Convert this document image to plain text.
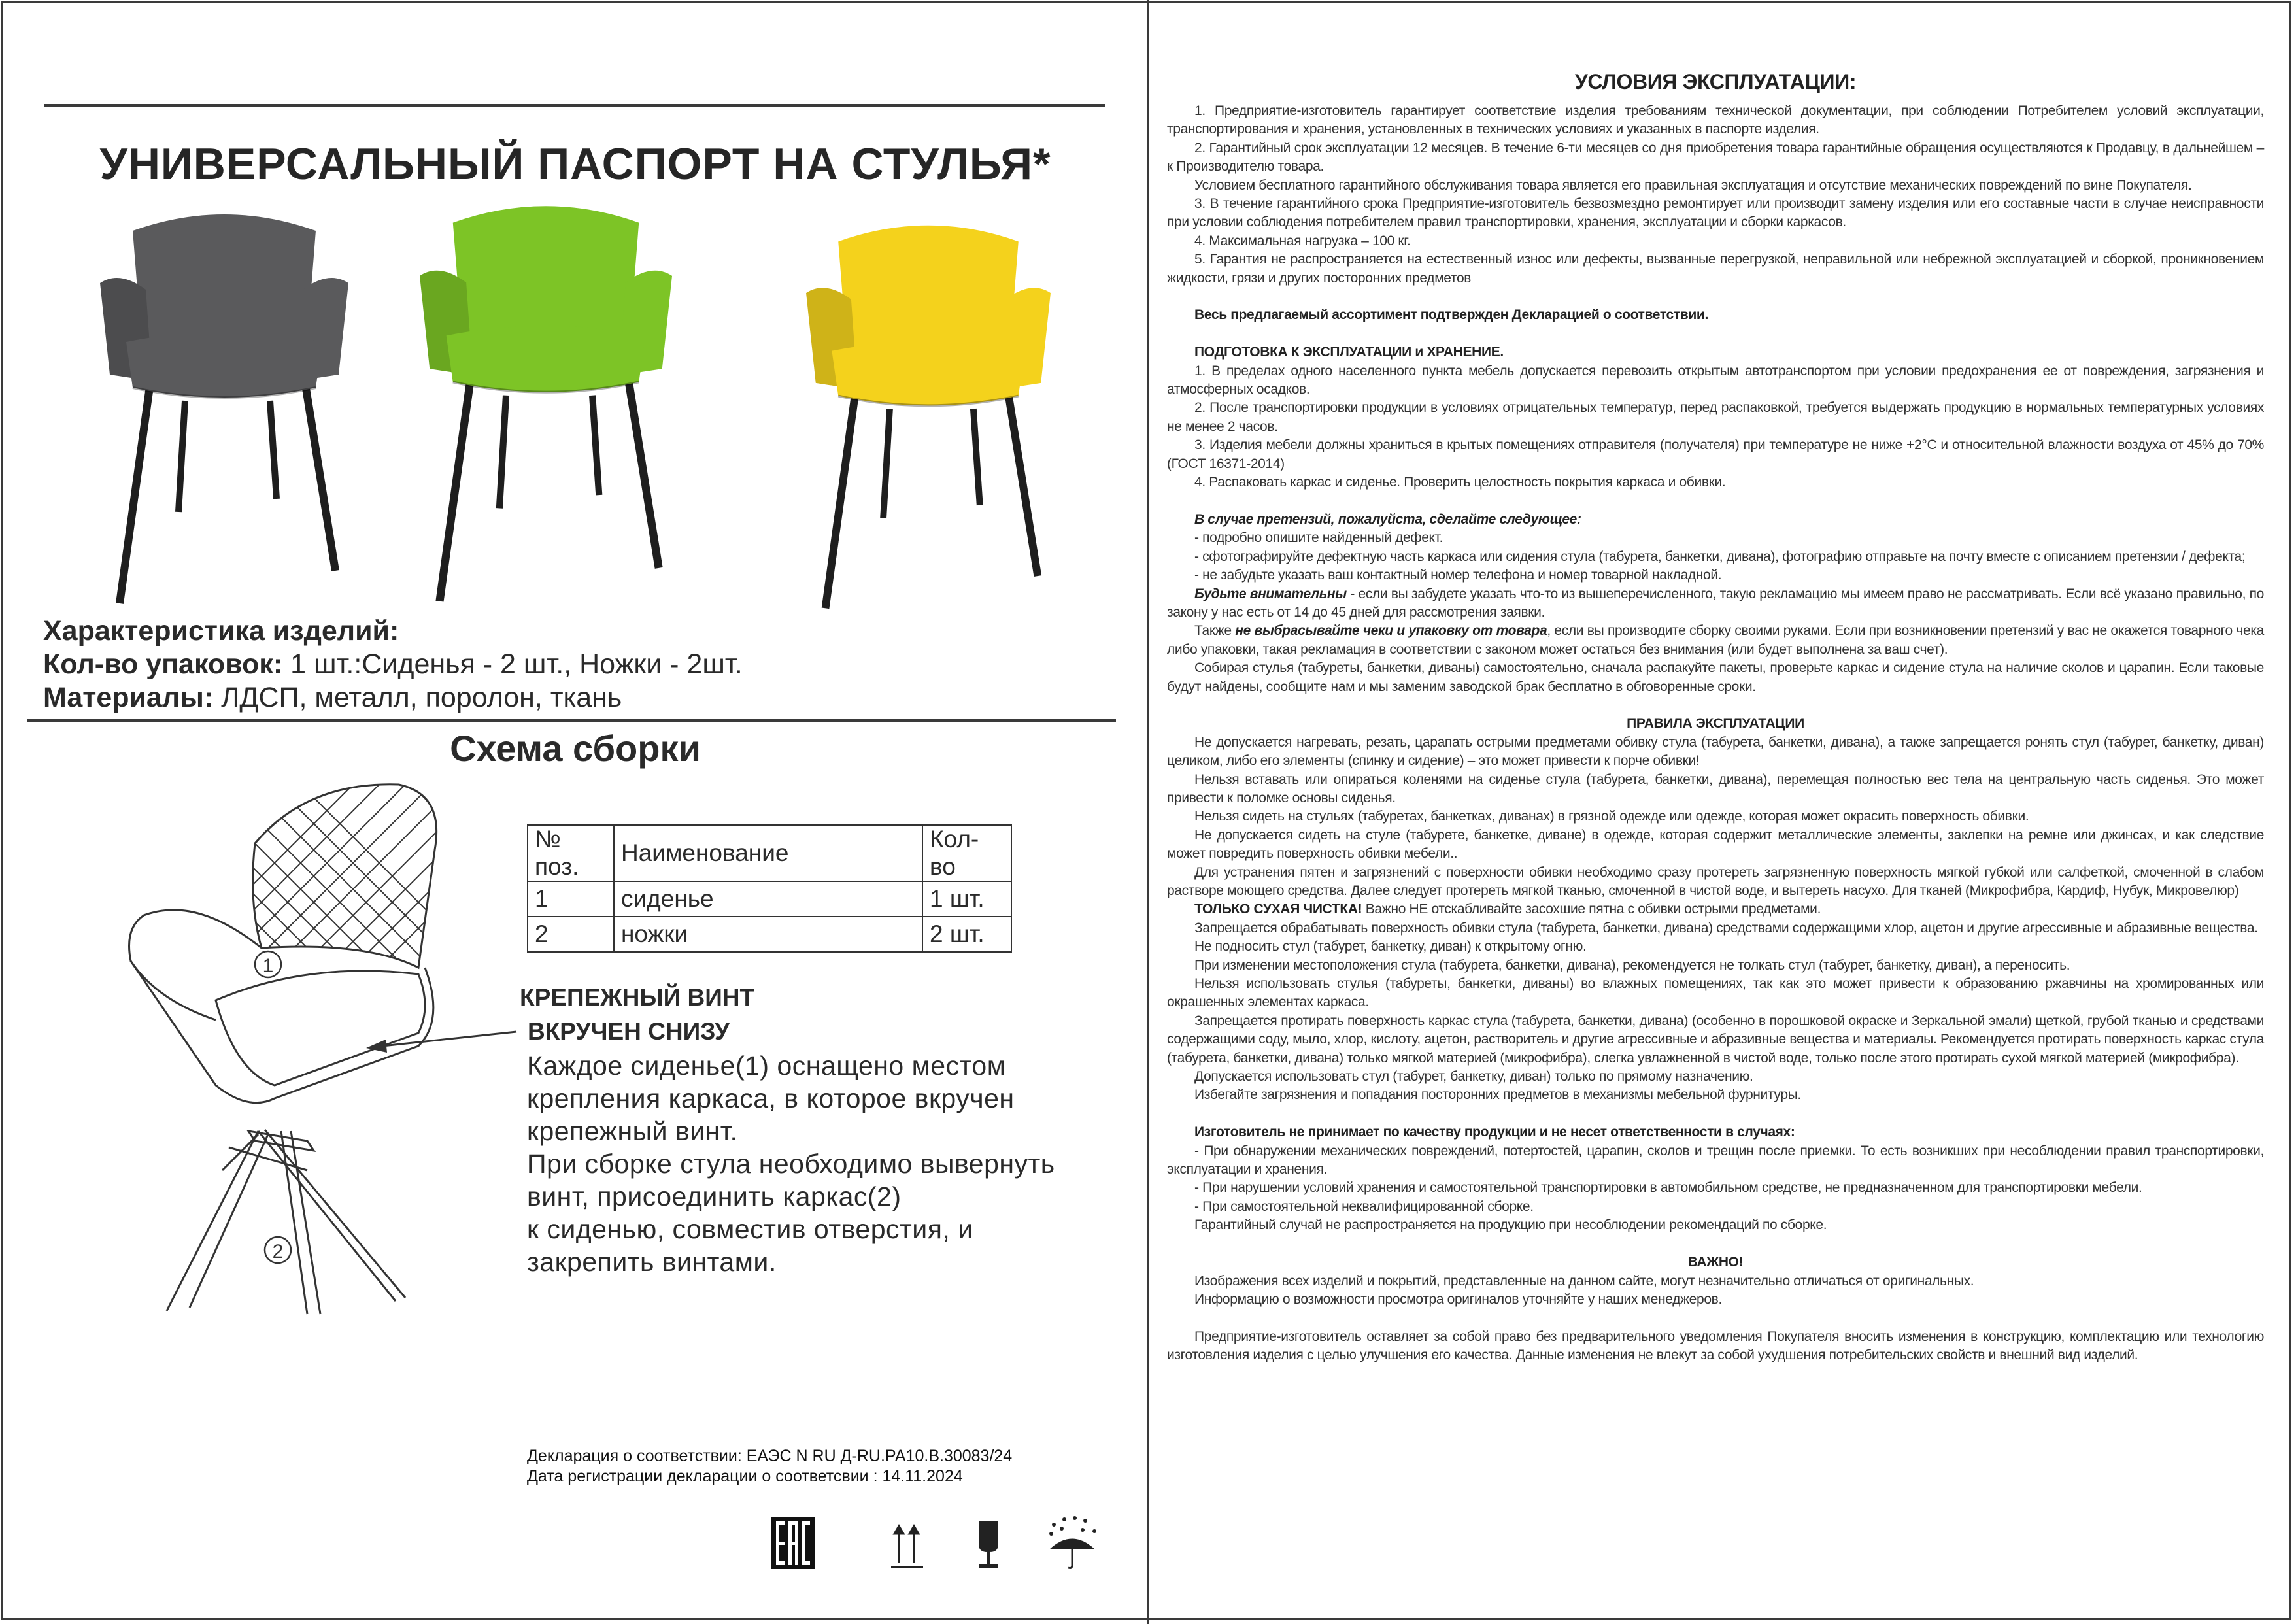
УНИВЕРСАЛЬНЫЙ ПАСПОРТ НА СТУЛЬЯ*
Характеристика изделий:
Кол-во упаковок: 1 шт.:Сиденья - 2 шт., Ножки - 2шт.
Материалы: ЛДСП, металл, поролон, ткань
Схема сборки
1
2
№ поз.	Наименование	Кол-во
1	сиденье	1 шт.
2	ножки	2 шт.
КРЕПЕЖНЫЙ ВИНТ
ВКРУЧЕН СНИЗУ
Каждое сиденье(1) оснащено местом
крепления каркаса, в которое вкручен
крепежный винт.
При сборке стула необходимо вывернуть
винт, присоединить каркас(2)
к сиденью, совместив отверстия, и
закрепить винтами.
Декларация о соответствии: ЕАЭС N RU Д-RU.РА10.В.30083/24
Дата регистрации декларации о соответсвии : 14.11.2024
УСЛОВИЯ ЭКСПЛУАТАЦИИ:

1. Предприятие-изготовитель гарантирует соответствие изделия требованиям технической документации, при соблюдении Потребителем условий эксплуатации, транспортирования и хранения, установленных в технических условиях и указанных в паспорте изделия.

2. Гарантийный срок эксплуатации 12 месяцев. В течение 6-ти месяцев со дня приобретения товара гарантийные обращения осуществляются к Продавцу, в дальнейшем – к Производителю товара.

Условием бесплатного гарантийного обслуживания товара является его правильная эксплуатация и отсутствие механических повреждений по вине Покупателя.

3. В течение гарантийного срока Предприятие-изготовитель безвозмездно ремонтирует или производит замену изделия или его составные части в случае неисправности при условии соблюдения потребителем правил транспортировки, хранения, эксплуатации и сборки каркасов.

4. Максимальная нагрузка – 100 кг.

5. Гарантия не распространяется на естественный износ или дефекты, вызванные перегрузкой, неправильной или небрежной эксплуатацией и сборкой, проникновением жидкости, грязи и других посторонних предметов

Весь предлагаемый ассортимент подтвержден Декларацией о соответствии.

ПОДГОТОВКА К ЭКСПЛУАТАЦИИ и ХРАНЕНИЕ.

1. В пределах одного населенного пункта мебель допускается перевозить открытым автотранспортом при условии предохранения ее от повреждения, загрязнения и атмосферных осадков.

2. После транспортировки продукции в условиях отрицательных температур, перед распаковкой, требуется выдержать продукцию в нормальных температурных условиях не менее 2 часов.

3. Изделия мебели должны храниться в крытых помещениях отправителя (получателя) при температуре не ниже +2°С и относительной влажности воздуха от 45% до 70% (ГОСТ 16371-2014)

4. Распаковать каркас и сиденье. Проверить целостность покрытия каркаса и обивки.

В случае претензий, пожалуйста, сделайте следующее:

- подробно опишите найденный дефект.

- сфотографируйте дефектную часть каркаса или сидения стула (табурета, банкетки, дивана), фотографию отправьте на почту вместе с описанием претензии / дефекта;

- не забудьте указать ваш контактный номер телефона и номер товарной накладной.

Будьте внимательны - если вы забудете указать что-то из вышеперечисленного, такую рекламацию мы имеем право не рассматривать. Если всё указано правильно, по закону у нас есть от 14 до 45 дней для рассмотрения заявки.

Также не выбрасывайте чеки и упаковку от товара, если вы производите сборку своими руками. Если при возникновении претензий у вас не окажется товарного чека либо упаковки, такая рекламация в соответствии с законом может остаться без внимания (или будет выполнена за ваш счет).

Собирая стулья (табуреты, банкетки, диваны) самостоятельно, сначала распакуйте пакеты, проверьте каркас и сидение стула на наличие сколов и царапин. Если таковые будут найдены, сообщите нам и мы заменим заводской брак бесплатно в обговоренные сроки.

ПРАВИЛА ЭКСПЛУАТАЦИИ

Не допускается нагревать, резать, царапать острыми предметами обивку стула (табурета, банкетки, дивана), а также запрещается ронять стул (табурет, банкетку, диван) целиком, либо его элементы (спинку и сидение) – это может привести к порче обивки!

Нельзя вставать или опираться коленями на сиденье стула (табурета, банкетки, дивана), перемещая полностью вес тела на центральную часть сиденья. Это может привести к поломке основы сиденья.

Нельзя сидеть на стульях (табуретах, банкетках, диванах) в грязной одежде или одежде, которая может окрасить поверхность обивки.

Не допускается сидеть на стуле (табурете, банкетке, диване) в одежде, которая содержит металлические элементы, заклепки на ремне или джинсах, и как следствие может повредить поверхность обивки мебели..

Для устранения пятен и загрязнений с поверхности обивки необходимо сразу протереть загрязненную поверхность мягкой губкой или салфеткой, смоченной в слабом растворе моющего средства. Далее следует протереть мягкой тканью, смоченной в чистой воде, и вытереть насухо. Для тканей (Микрофибра, Кардиф, Нубук, Микровелюр)

ТОЛЬКО СУХАЯ ЧИСТКА! Важно НЕ отскабливайте засохшие пятна с обивки острыми предметами.

Запрещается обрабатывать поверхность обивки стула (табурета, банкетки, дивана) средствами содержащими хлор, ацетон и другие агрессивные и абразивные вещества.

Не подносить стул (табурет, банкетку, диван) к открытому огню.

При изменении местоположения стула (табурета, банкетки, дивана), рекомендуется не толкать стул (табурет, банкетку, диван), а переносить.

Нельзя использовать стулья (табуреты, банкетки, диваны) во влажных помещениях, так как это может привести к образованию ржавчины на хромированных или окрашенных элементах каркаса.

Запрещается протирать поверхность каркас стула (табурета, банкетки, дивана) (особенно в порошковой окраске и Зеркальной эмали) щеткой, грубой тканью и средствами содержащими соду, мыло, хлор, кислоту, ацетон, растворитель и другие агрессивные и абразивные вещества и материалы. Рекомендуется протирать поверхность каркас стула (табурета, банкетки, дивана) только мягкой материей (микрофибра), слегка увлажненной в чистой воде, только после этого протирать сухой мягкой материей (микрофибра).

Допускается использовать стул (табурет, банкетку, диван) только по прямому назначению.

Избегайте загрязнения и попадания посторонних предметов в механизмы мебельной фурнитуры.

Изготовитель не принимает по качеству продукции и не несет ответственности в случаях:

- При обнаружении механических повреждений, потертостей, царапин, сколов и трещин после приемки. То есть возникших при несоблюдении правил транспортировки, эксплуатации и хранения.

- При нарушении условий хранения и самостоятельной транспортировки в автомобильном средстве, не предназначенном для транспортировки мебели.

- При самостоятельной неквалифицированной сборке.

Гарантийный случай не распространяется на продукцию при несоблюдении рекомендаций по сборке.

ВАЖНО!

Изображения всех изделий и покрытий, представленные на данном сайте, могут незначительно отличаться от оригинальных.

Информацию о возможности просмотра оригиналов уточняйте у наших менеджеров.

Предприятие-изготовитель оставляет за собой право без предварительного уведомления Покупателя вносить изменения в конструкцию, комплектацию или технологию изготовления изделия с целью улучшения его качества. Данные изменения не влекут за собой ухудшения потребительских свойств и внешний вид изделий.
